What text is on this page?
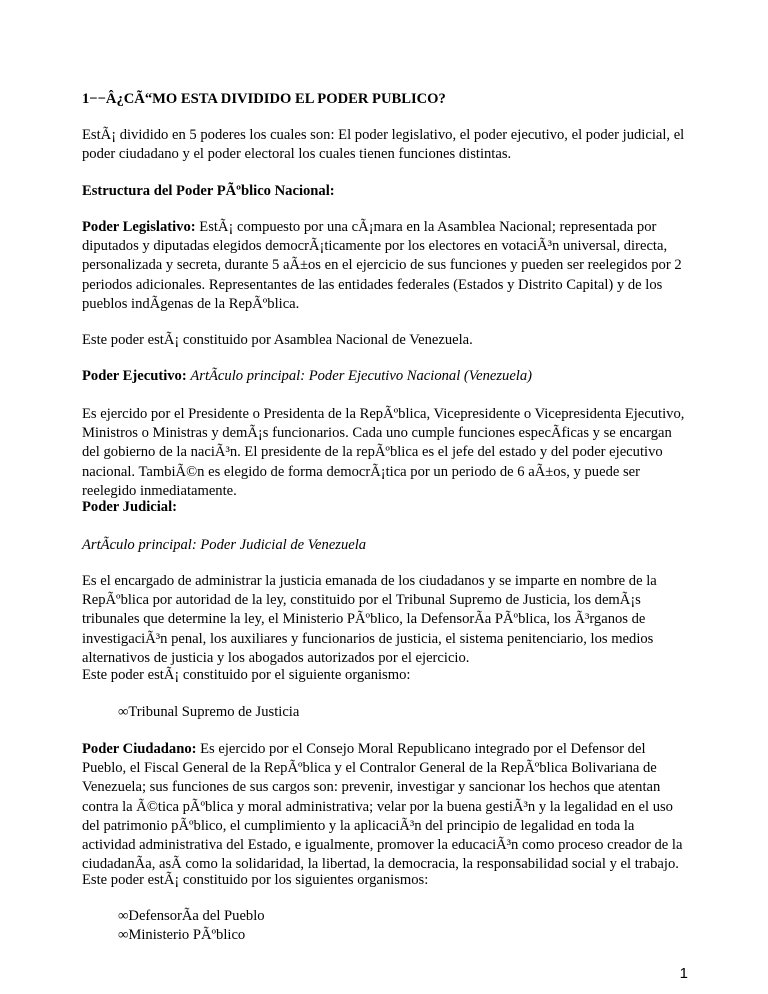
1−−Â¿CÃ“MO ESTA DIVIDIDO EL PODER PUBLICO?

EstÃ¡ dividido en 5 poderes los cuales son: El poder legislativo, el poder ejecutivo, el poder judicial, el poder ciudadano y el poder electoral los cuales tienen funciones distintas.

Estructura del Poder PÃºblico Nacional:

Poder Legislativo: EstÃ¡ compuesto por una cÃ¡mara en la Asamblea Nacional; representada por diputados y diputadas elegidos democrÃ¡ticamente por los electores en votaciÃ³n universal, directa, personalizada y secreta, durante 5 aÃ±os en el ejercicio de sus funciones y pueden ser reelegidos por 2 periodos adicionales. Representantes de las entidades federales (Estados y Distrito Capital) y de los pueblos indÃgenas de la RepÃºblica.

Este poder estÃ¡ constituido por Asamblea Nacional de Venezuela.

Poder Ejecutivo: ArtÃculo principal: Poder Ejecutivo Nacional (Venezuela)

Es ejercido por el Presidente o Presidenta de la RepÃºblica, Vicepresidente o Vicepresidenta Ejecutivo, Ministros o Ministras y demÃ¡s funcionarios. Cada uno cumple funciones especÃficas y se encargan del gobierno de la naciÃ³n. El presidente de la repÃºblica es el jefe del estado y del poder ejecutivo nacional. TambiÃ©n es elegido de forma democrÃ¡tica por un periodo de 6 aÃ±os, y puede ser reelegido inmediatamente.

Poder Judicial:

ArtÃculo principal: Poder Judicial de Venezuela

Es el encargado de administrar la justicia emanada de los ciudadanos y se imparte en nombre de la RepÃºblica por autoridad de la ley, constituido por el Tribunal Supremo de Justicia, los demÃ¡s tribunales que determine la ley, el Ministerio PÃºblico, la DefensorÃa PÃºblica, los Ã³rganos de investigaciÃ³n penal, los auxiliares y funcionarios de justicia, el sistema penitenciario, los medios alternativos de justicia y los abogados autorizados por el ejercicio.

Este poder estÃ¡ constituido por el siguiente organismo:

∞Tribunal Supremo de Justicia

Poder Ciudadano: Es ejercido por el Consejo Moral Republicano integrado por el Defensor del Pueblo, el Fiscal General de la RepÃºblica y el Contralor General de la RepÃºblica Bolivariana de Venezuela; sus funciones de sus cargos son: prevenir, investigar y sancionar los hechos que atentan contra la Ã©tica pÃºblica y moral administrativa; velar por la buena gestiÃ³n y la legalidad en el uso del patrimonio pÃºblico, el cumplimiento y la aplicaciÃ³n del principio de legalidad en toda la actividad administrativa del Estado, e igualmente, promover la educaciÃ³n como proceso creador de la ciudadanÃa, asÃ como la solidaridad, la libertad, la democracia, la responsabilidad social y el trabajo.

Este poder estÃ¡ constituido por los siguientes organismos:

∞DefensorÃa del Pueblo

∞Ministerio PÃºblico

1
